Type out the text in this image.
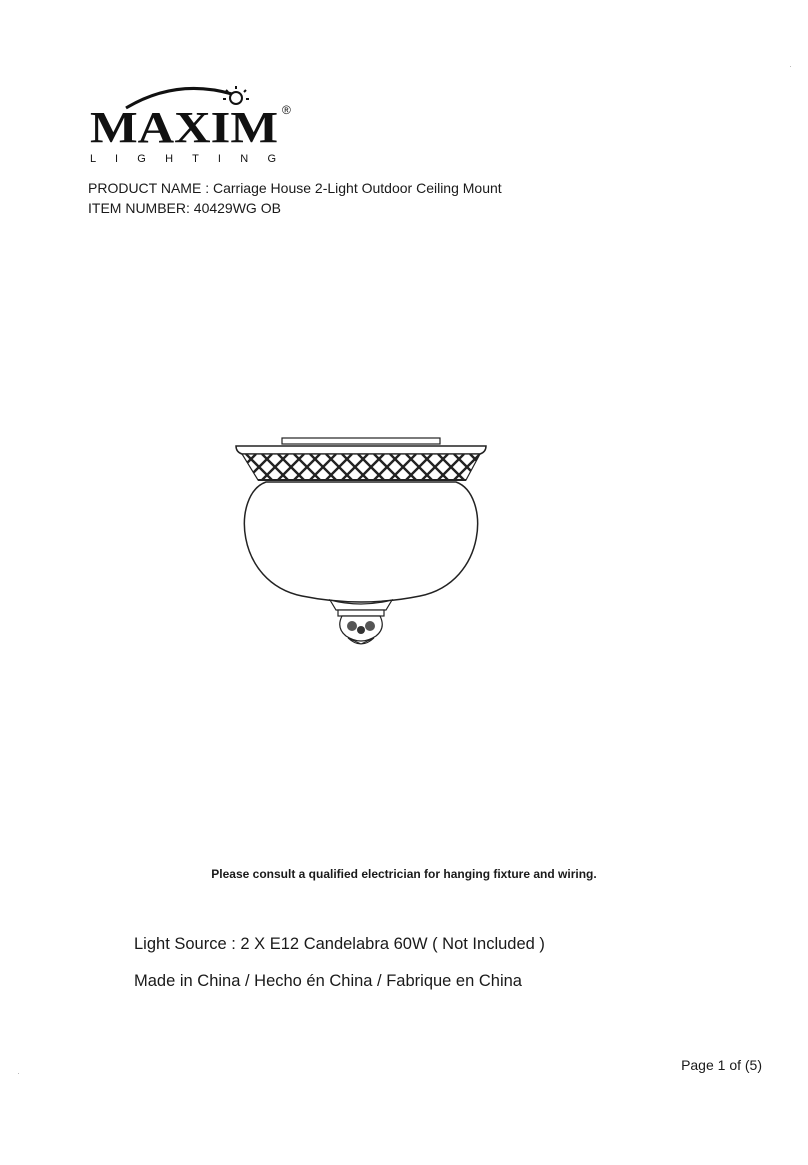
MAXIM ®
L I G H T I N G
PRODUCT NAME : Carriage House 2-Light Outdoor Ceiling Mount
ITEM NUMBER: 40429WG OB
Please consult a qualified electrician for hanging fixture and wiring.
Light Source : 2 X E12 Candelabra 60W ( Not Included )
Made in China / Hecho én China / Fabrique en China
Page 1 of (5)
